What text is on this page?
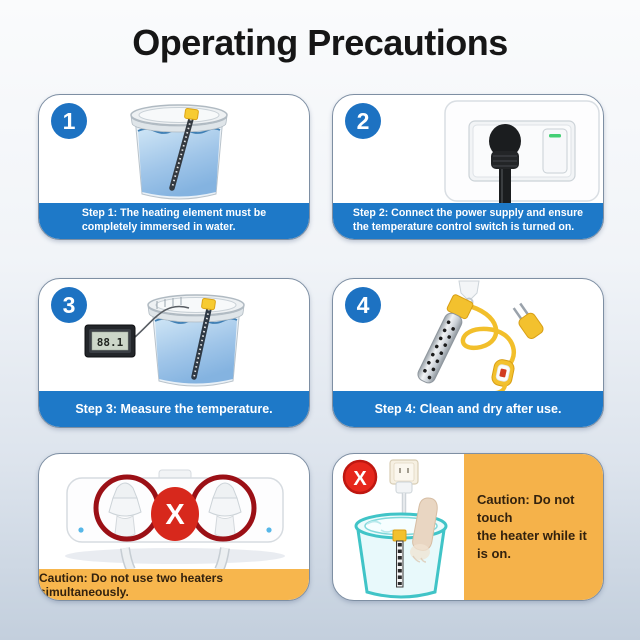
Operating Precautions
1
Step 1: The heating element must be
completely immersed in water.
2
Step 2: Connect the power supply and ensure
the temperature control switch is turned on.
3
88.1
Step 3: Measure the temperature.
4
Step 4: Clean and dry after use.
X
Caution: Do not use two heaters simultaneously.
X
Caution: Do not touch
the heater while it is on.
